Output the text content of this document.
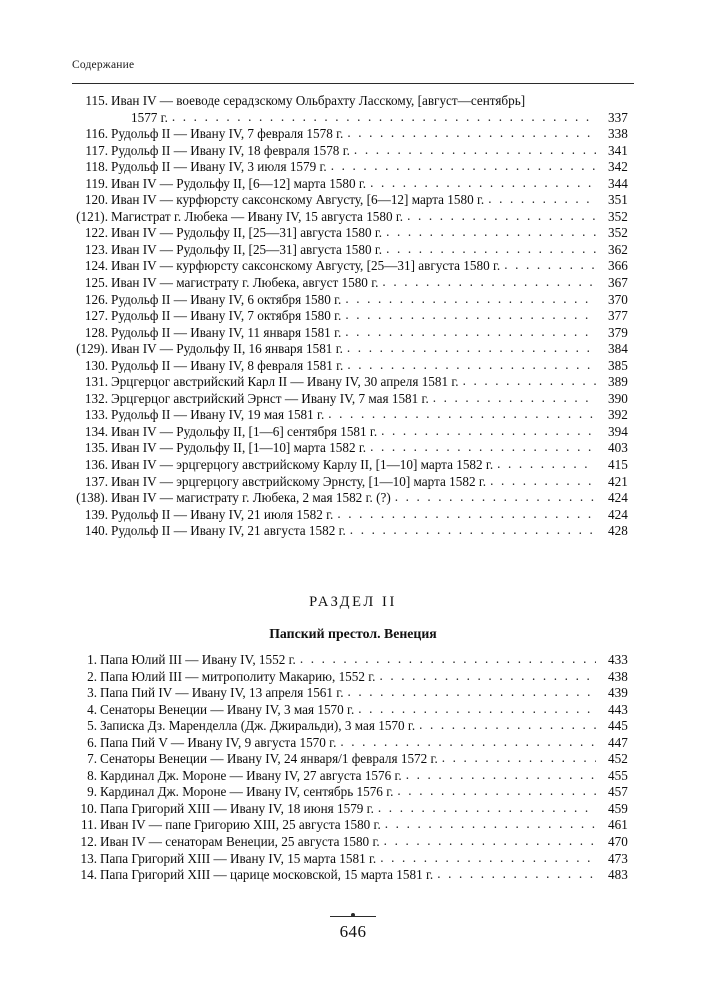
Содержание
115. Иван IV — воеводе серадзскому Ольбрахту Ласскому, [август—сентябрь]
1577 г. . . .	337
116. Рудольф II — Ивану IV, 7 февраля 1578 г. . . .	338
117. Рудольф II — Ивану IV, 18 февраля 1578 г. . . .	341
118. Рудольф II — Ивану IV, 3 июля 1579 г. . . .	342
119. Иван IV — Рудольфу II, [6—12] марта 1580 г. . . .	344
120. Иван IV — курфюрсту саксонскому Августу, [6—12] марта 1580 г. . . .	351
(121). Магистрат г. Любека — Ивану IV, 15 августа 1580 г. . . .	352
122. Иван IV — Рудольфу II, [25—31] августа 1580 г. . . .	352
123. Иван IV — Рудольфу II, [25—31] августа 1580 г. . . .	362
124. Иван IV — курфюрсту саксонскому Августу, [25—31] августа 1580 г. . . .	366
125. Иван IV — магистрату г. Любека, август 1580 г. . . .	367
126. Рудольф II — Ивану IV, 6 октября 1580 г. . . .	370
127. Рудольф II — Ивану IV, 7 октября 1580 г. . . .	377
128. Рудольф II — Ивану IV, 11 января 1581 г. . . .	379
(129). Иван IV — Рудольфу II, 16 января 1581 г. . . .	384
130. Рудольф II — Ивану IV, 8 февраля 1581 г. . . .	385
131. Эрцгерцог австрийский Карл II — Ивану IV, 30 апреля 1581 г. . . .	389
132. Эрцгерцог австрийский Эрнст — Ивану IV, 7 мая 1581 г. . . .	390
133. Рудольф II — Ивану IV, 19 мая 1581 г. . . .	392
134. Иван IV — Рудольфу II, [1—6] сентября 1581 г. . . .	394
135. Иван IV — Рудольфу II, [1—10] марта 1582 г. . . .	403
136. Иван IV — эрцгерцогу австрийскому Карлу II, [1—10] марта 1582 г. . . .	415
137. Иван IV — эрцгерцогу австрийскому Эрнсту, [1—10] марта 1582 г. . . .	421
(138). Иван IV — магистрату г. Любека, 2 мая 1582 г. (?) . . .	424
139. Рудольф II — Ивану IV, 21 июля 1582 г. . . .	424
140. Рудольф II — Ивану IV, 21 августа 1582 г. . . .	428
РАЗДЕЛ II
Папский престол. Венеция
1. Папа Юлий III — Ивану IV, 1552 г. . . .	433
2. Папа Юлий III — митрополиту Макарию, 1552 г. . . .	438
3. Папа Пий IV — Ивану IV, 13 апреля 1561 г. . . .	439
4. Сенаторы Венеции — Ивану IV, 3 мая 1570 г. . . .	443
5. Записка Дз. Маренделла (Дж. Джиральди), 3 мая 1570 г. . . .	445
6. Папа Пий V — Ивану IV, 9 августа 1570 г. . . .	447
7. Сенаторы Венеции — Ивану IV, 24 января/1 февраля 1572 г. . . .	452
8. Кардинал Дж. Мороне — Ивану IV, 27 августа 1576 г. . . .	455
9. Кардинал Дж. Мороне — Ивану IV, сентябрь 1576 г. . . .	457
10. Папа Григорий XIII — Ивану IV, 18 июня 1579 г. . . .	459
11. Иван IV — папе Григорию XIII, 25 августа 1580 г. . . .	461
12. Иван IV — сенаторам Венеции, 25 августа 1580 г. . . .	470
13. Папа Григорий XIII — Ивану IV, 15 марта 1581 г. . . .	473
14. Папа Григорий XIII — царице московской, 15 марта 1581 г. . . .	483
646
